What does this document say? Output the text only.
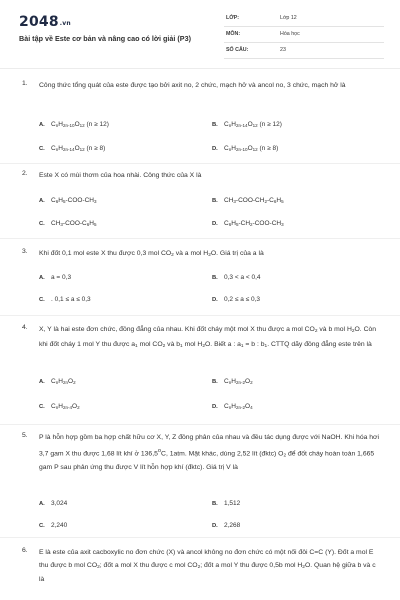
2048.vn
Bài tập về Este cơ bản và nâng cao có lời giải (P3)
LỚP:	Lớp 12
MÔN:	Hóa học
SỐ CÂU:	23
1. Công thức tổng quát của este được tạo bởi axit no, 2 chức, mạch hở và ancol no, 3 chức, mạch hở là
A. $C_nH_{2n-10}O_{12}$ (n ≥ 12)	B. $C_nH_{2n-14}O_{12}$ (n ≥ 12)
C. $C_nH_{2n-14}O_{12}$ (n ≥ 8)	D. $C_nH_{2n-10}O_{12}$ (n ≥ 8)
2. Este X có mùi thơm của hoa nhài. Công thức của X là
A. $C_6H_5-COO-CH_3$	B. $CH_3-COO-CH_2-C_6H_5$
C. $CH_3-COO-C_6H_5$	D. $C_6H_5-CH_2-COO-CH_3$
3. Khi đốt 0,1 mol este X thu được 0,3 mol $CO_2$ và a mol $H_2O$. Giá trị của a là
A. a = 0,3	B. 0,3 < a < 0,4
C. . 0,1 ≤ a ≤ 0,3	D. 0,2 ≤ a ≤ 0,3
4. X, Y là hai este đơn chức, đồng đẳng của nhau. Khi đốt cháy một mol X thu được a mol $CO_2$ và b mol $H_2O$. Còn khi đốt cháy 1 mol Y thu được $a_1$ mol $CO_2$ và $b_1$ mol $H_2O$. Biết a : $a_1 = b$ : $b_1$. CTTQ dãy đồng đẳng este trên là
A. $C_nH_{2n}O_2$	B. $C_nH_{2n-2}O_2$
C. $C_nH_{2n-4}O_2$	D. $C_nH_{2n-2}O_4$
5. P là hỗn hợp gồm ba hợp chất hữu cơ X, Y, Z đồng phân của nhau và đều tác dụng được với NaOH. Khi hóa hơi 3,7 gam X thu được 1,68 lít khí ở 136,5$^o$C, 1atm. Mặt khác, dùng 2,52 lít (đktc) $O_2$ để đốt cháy hoàn toàn 1,665 gam P sau phản ứng thu được V lít hỗn hợp khí (đktc). Giá trị V là
A. 3,024	B. 1,512
C. 2,240	D. 2,268
6. E là este của axit cacboxylic no đơn chức (X) và ancol không no đơn chức có một nối đôi C=C (Y). Đốt a mol E thu được b mol $CO_2$; đốt a mol X thu được c mol $CO_2$; đốt a mol Y thu được 0,5b mol $H_2O$. Quan hệ giữa b và c là
